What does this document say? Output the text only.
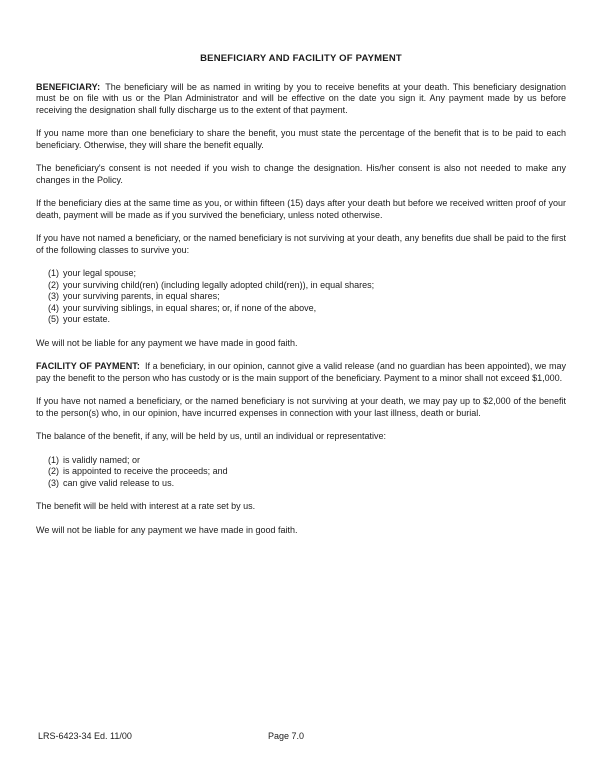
BENEFICIARY AND FACILITY OF PAYMENT

BENEFICIARY: The beneficiary will be as named in writing by you to receive benefits at your death. This beneficiary designation must be on file with us or the Plan Administrator and will be effective on the date you sign it. Any payment made by us before receiving the designation shall fully discharge us to the extent of that payment.

If you name more than one beneficiary to share the benefit, you must state the percentage of the benefit that is to be paid to each beneficiary. Otherwise, they will share the benefit equally.

The beneficiary's consent is not needed if you wish to change the designation. His/her consent is also not needed to make any changes in the Policy.

If the beneficiary dies at the same time as you, or within fifteen (15) days after your death but before we received written proof of your death, payment will be made as if you survived the beneficiary, unless noted otherwise.

If you have not named a beneficiary, or the named beneficiary is not surviving at your death, any benefits due shall be paid to the first of the following classes to survive you:

(1) your legal spouse;
(2) your surviving child(ren) (including legally adopted child(ren)), in equal shares;
(3) your surviving parents, in equal shares;
(4) your surviving siblings, in equal shares; or, if none of the above,
(5) your estate.

We will not be liable for any payment we have made in good faith.

FACILITY OF PAYMENT: If a beneficiary, in our opinion, cannot give a valid release (and no guardian has been appointed), we may pay the benefit to the person who has custody or is the main support of the beneficiary. Payment to a minor shall not exceed $1,000.

If you have not named a beneficiary, or the named beneficiary is not surviving at your death, we may pay up to $2,000 of the benefit to the person(s) who, in our opinion, have incurred expenses in connection with your last illness, death or burial.

The balance of the benefit, if any, will be held by us, until an individual or representative:

(1) is validly named; or
(2) is appointed to receive the proceeds; and
(3) can give valid release to us.

The benefit will be held with interest at a rate set by us.

We will not be liable for any payment we have made in good faith.

LRS-6423-34 Ed. 11/00	Page 7.0
